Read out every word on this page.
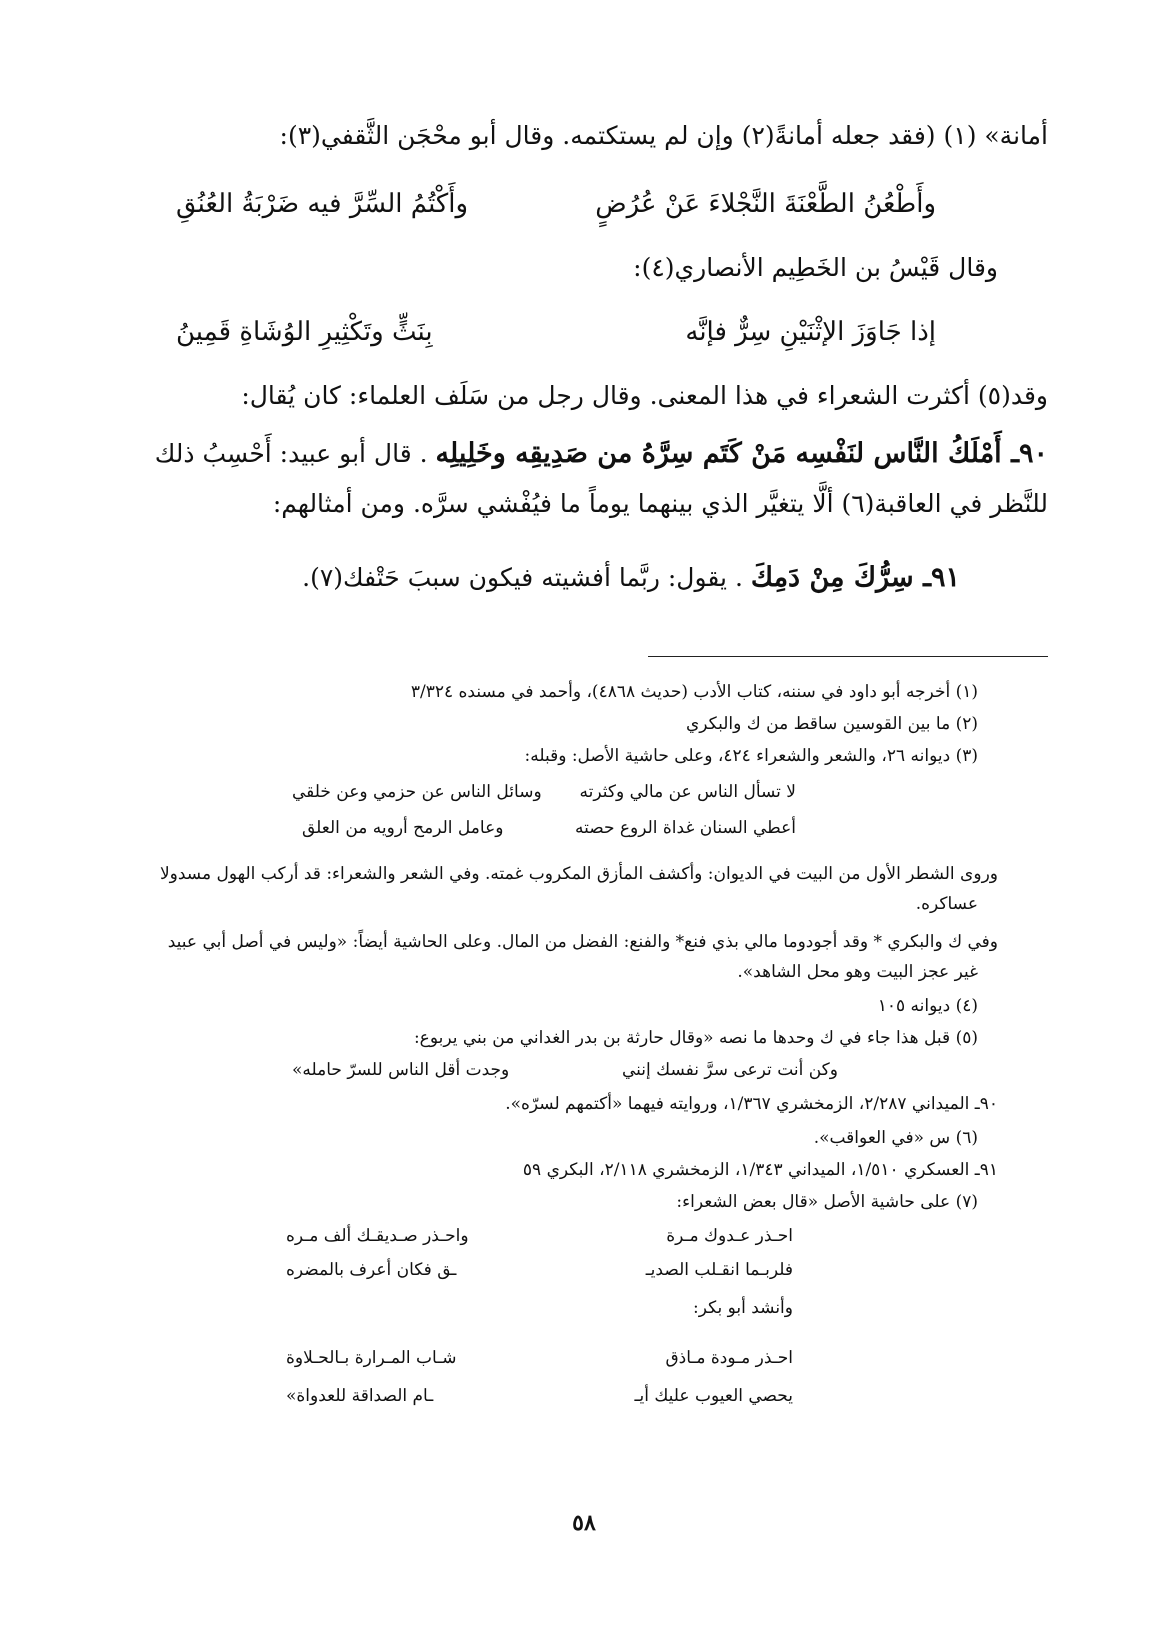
أمانة» (١) (فقد جعله أمانةً(٢) وإن لم يستكتمه. وقال أبو محْجَن الثَّقفي(٣):
وأَطْعُنُ الطَّعْنَةَ النَّجْلاءَ عَنْ عُرُضٍ
وأَكْتُمُ السِّرَّ فيه ضَرْبَةُ العُنُقِ
وقال قَيْسُ بن الخَطِيم الأنصاري(٤):
إذا جَاوَزَ الإثْنَيْنِ سِرٌّ فإنَّه
بِنَثٍّ وتَكْثِيرِ الوُشَاةِ قَمِينُ
وقد(٥) أكثرت الشعراء في هذا المعنى. وقال رجل من سَلَف العلماء: كان يُقال:
٩٠ـ أَمْلَكُ النَّاس لنَفْسِه مَنْ كَتَم سِرَّهُ من صَدِيقِه وخَلِيلِه . قال أبو عبيد: أَحْسِبُ ذلك
للنَّظر في العاقبة(٦) ألَّا يتغيَّر الذي بينهما يوماً ما فيُفْشي سرَّه. ومن أمثالهم:
٩١ـ سِرُّكَ مِنْ دَمِكَ . يقول: ربَّما أفشيته فيكون سببَ حَتْفك(٧).
(١) أخرجه أبو داود في سننه، كتاب الأدب (حديث ٤٨٦٨)، وأحمد في مسنده ٣/٣٢٤
(٢) ما بين القوسين ساقط من ك والبكري
(٣) ديوانه ٢٦، والشعر والشعراء ٤٢٤، وعلى حاشية الأصل: وقبله:
لا تسأل الناس عن مالي وكثرته
وسائل الناس عن حزمي وعن خلقي
أعطي السنان غداة الروع حصته
وعامل الرمح أرويه من العلق
وروى الشطر الأول من البيت في الديوان: وأكشف المأزق المكروب غمته. وفي الشعر والشعراء: قد أركب الهول مسدولا
عساكره.
وفي ك والبكري * وقد أجودوما مالي بذي فنع* والفنع: الفضل من المال. وعلى الحاشية أيضاً: «وليس في أصل أبي عبيد
غير عجز البيت وهو محل الشاهد».
(٤) ديوانه ١٠٥
(٥) قبل هذا جاء في ك وحدها ما نصه «وقال حارثة بن بدر الغداني من بني يربوع:
وكن أنت ترعى سرَّ نفسك إنني
وجدت أقل الناس للسرّ حامله»
٩٠ـ الميداني ٢/٢٨٧، الزمخشري ١/٣٦٧، وروايته فيهما «أكتمهم لسرّه».
(٦) س «في العواقب».
٩١ـ العسكري ١/٥١٠، الميداني ١/٣٤٣، الزمخشري ٢/١١٨، البكري ٥٩
(٧) على حاشية الأصل «قال بعض الشعراء:
احـذر عـدوك مـرة
واحـذر صـديقـك ألف مـره
فلربـما انقـلب الصديـ
ـق فكان أعرف بالمضره
وأنشد أبو بكر:
احـذر مـودة مـاذق
شـاب المـرارة بـالحـلاوة
يحصي العيوب عليك أيـ
ـام الصداقة للعدواة»
٥٨
